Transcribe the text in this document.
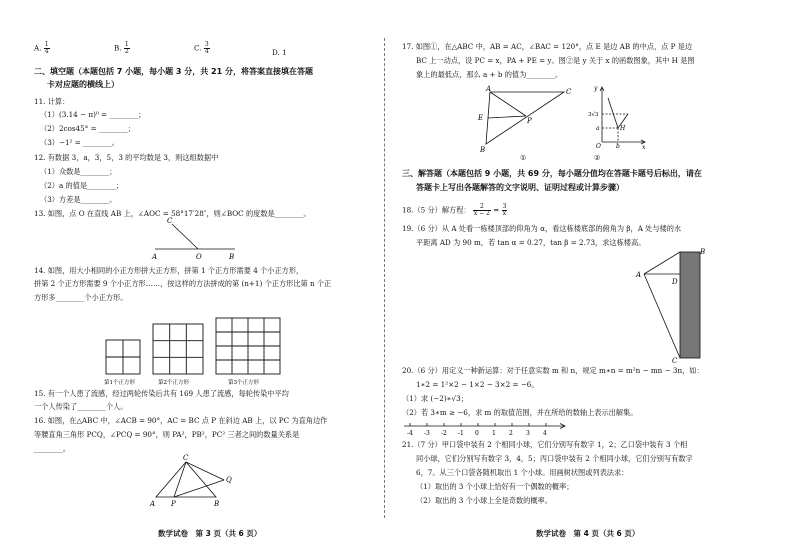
A. $\frac{1}{4}$	B. $\frac{1}{2}$	C. $\frac{3}{4}$	D. 1
二、填空题（本题包括 7 小题，每小题 3 分，共 21 分，将答案直接填在答题
卡对应题的横线上）
11. 计算：
（1）(3.14 − π)⁰ = ________；
（2）2cos45° = ________；
（3）−1² = ________。
12. 有数据 3，a，3，5，3 的平均数是 3，则这组数据中
（1）众数是________；
（2）a 的值是________；
（3）方差是________。
13. 如图，点 O 在直线 AB 上，∠AOC = 58°17′28″，则∠BOC 的度数是________。
C
A	O	B
14. 如图，用大小相同的小正方形拼大正方形，拼第 1 个正方形需要 4 个小正方形，
拼第 2 个正方形需要 9 个小正方形……，按这样的方法拼成的第 (n+1) 个正方形比第 n 个正
方形多________个小正方形。
第1个正方形	第2个正方形	第3个正方形
15. 有一个人患了流感，经过两轮传染后共有 169 人患了流感，每轮传染中平均
一个人传染了________个人。
16. 如图，在△ABC 中，∠ACB = 90°，AC = BC 点 P 在斜边 AB 上，以 PC 为直角边作
等腰直角三角形 PCQ，∠PCQ = 90°，则 PA²，PB²，PC² 三者之间的数量关系是
________。
C
Q
A P	B
数学试卷　第 3 页（共 6 页）
17. 如图①，在△ABC 中，AB = AC，∠BAC = 120°，点 E 是边 AB 的中点，点 P 是边
BC 上一动点，设 PC = x，PA + PE = y。图②是 y 关于 x 的函数图象，其中 H 是图
象上的最低点，那么 a + b 的值为________。
A	C
E	P
B
y
3√3
a	H
O	b	x
①	②
三、解答题（本题包括 9 小题，共 69 分，每小题分值均在答题卡题号后标出，请在
答题卡上写出各题解答的文字说明、证明过程或计算步骤）
18.（5 分）解方程： $\frac{2}{x - 2} = \frac{3}{x}$
19.（6 分）从 A 处看一栋楼顶部的仰角为 α，看这栋楼底部的俯角为 β，A 处与楼的水
平距离 AD 为 90 m，若 tan α = 0.27，tan β = 2.73，求这栋楼高。
B
A
D
C
20.（6 分）用定义一种新运算：对于任意实数 m 和 n，规定 m∗n = m²n − mn − 3n，如：
1∗2 = 1²×2 − 1×2 − 3×2 = −6。
（1）求 (−2)∗√3；
（2）若 3∗m ≥ −6，求 m 的取值范围，并在所给的数轴上表示出解集。
-4 -3 -2 -1 0 1 2 3 4
21.（7 分）甲口袋中装有 2 个相同小球，它们分别写有数字 1，2；乙口袋中装有 3 个相
同小球，它们分别写有数字 3，4，5；丙口袋中装有 2 个相同小球，它们分别写有数字
6，7。从三个口袋各随机取出 1 个小球。用画树状图或列表法求：
（1）取出的 3 个小球上恰好有一个偶数的概率；
（2）取出的 3 个小球上全是奇数的概率。
数学试卷　第 4 页（共 6 页）
